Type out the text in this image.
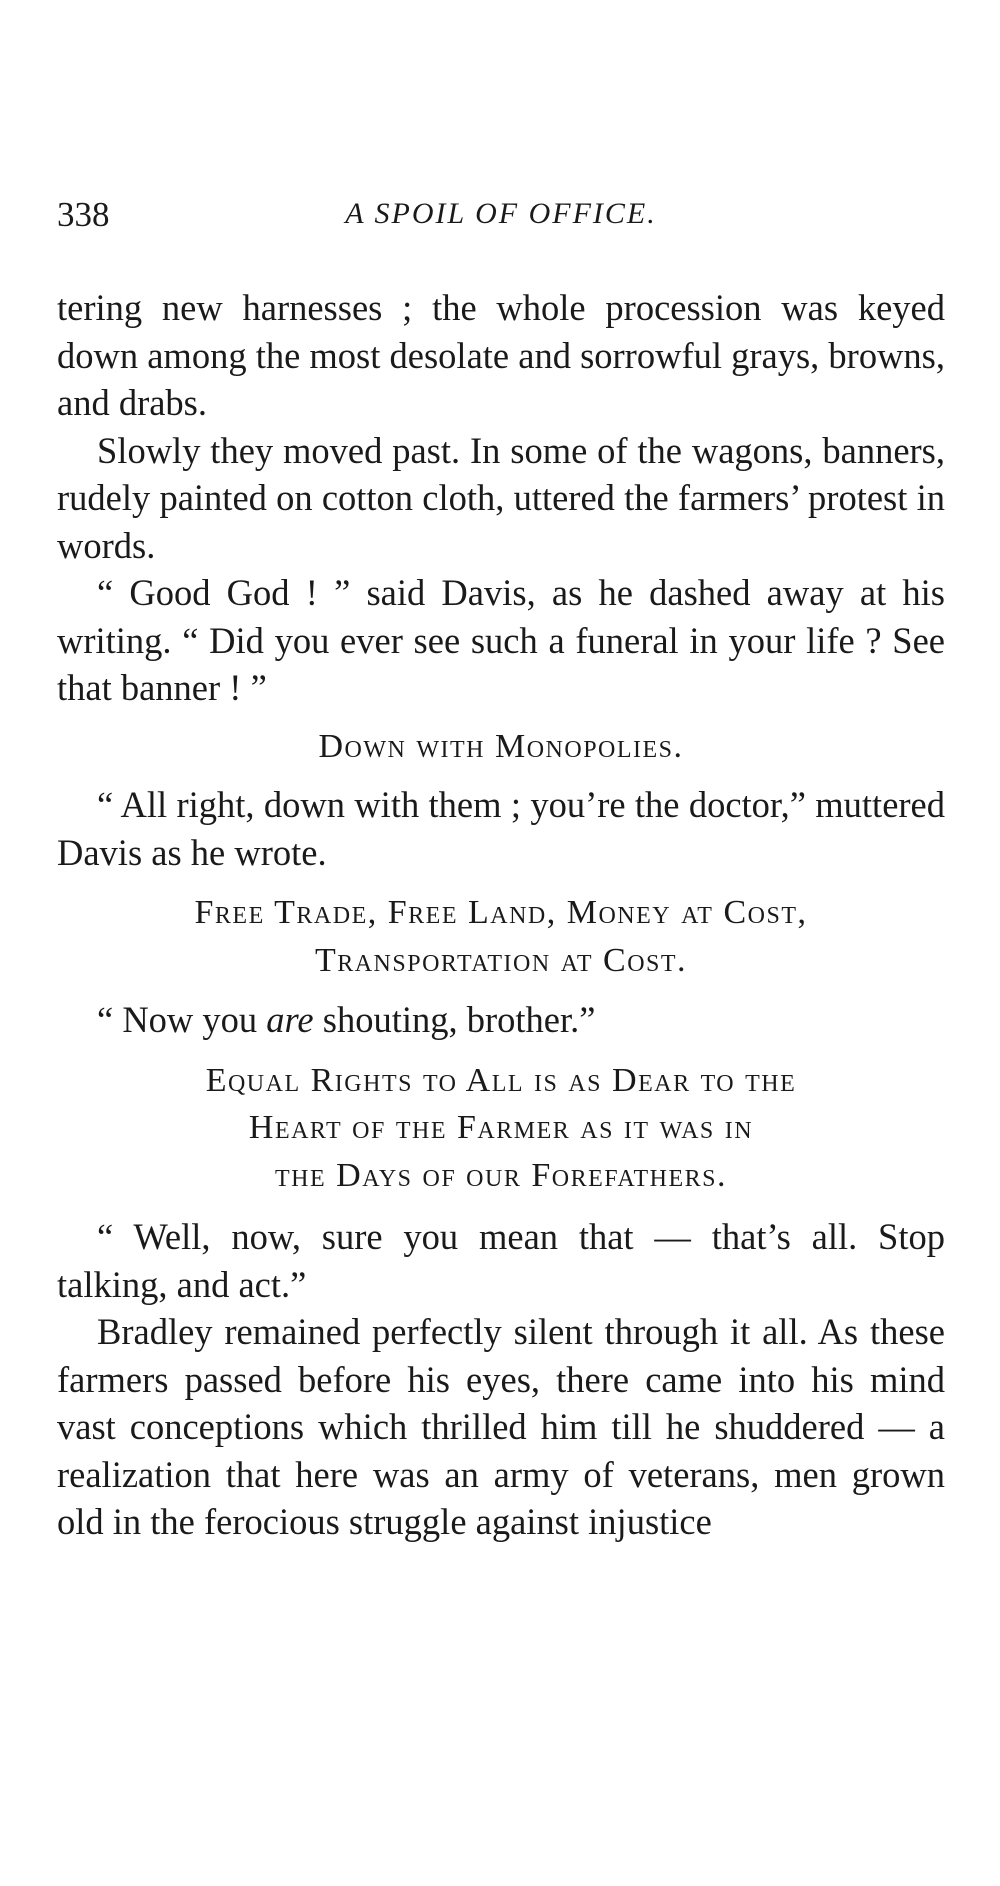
338	A SPOIL OF OFFICE.

tering new harnesses ; the whole procession was keyed down among the most desolate and sorrowful grays, browns, and drabs.

Slowly they moved past. In some of the wagons, banners, rudely painted on cotton cloth, uttered the farmers’ protest in words.

“ Good God ! ” said Davis, as he dashed away at his writing. “ Did you ever see such a funeral in your life ? See that banner ! ”

Down with Monopolies.

“ All right, down with them ; you’re the doctor,” muttered Davis as he wrote.

Free Trade, Free Land, Money at Cost,
Transportation at Cost.

“ Now you are shouting, brother.”

Equal Rights to All is as Dear to the
Heart of the Farmer as it was in
the Days of our Forefathers.

“ Well, now, sure you mean that — that’s all. Stop talking, and act.”

Bradley remained perfectly silent through it all. As these farmers passed before his eyes, there came into his mind vast conceptions which thrilled him till he shuddered — a realization that here was an army of veterans, men grown old in the ferocious struggle against injustice
